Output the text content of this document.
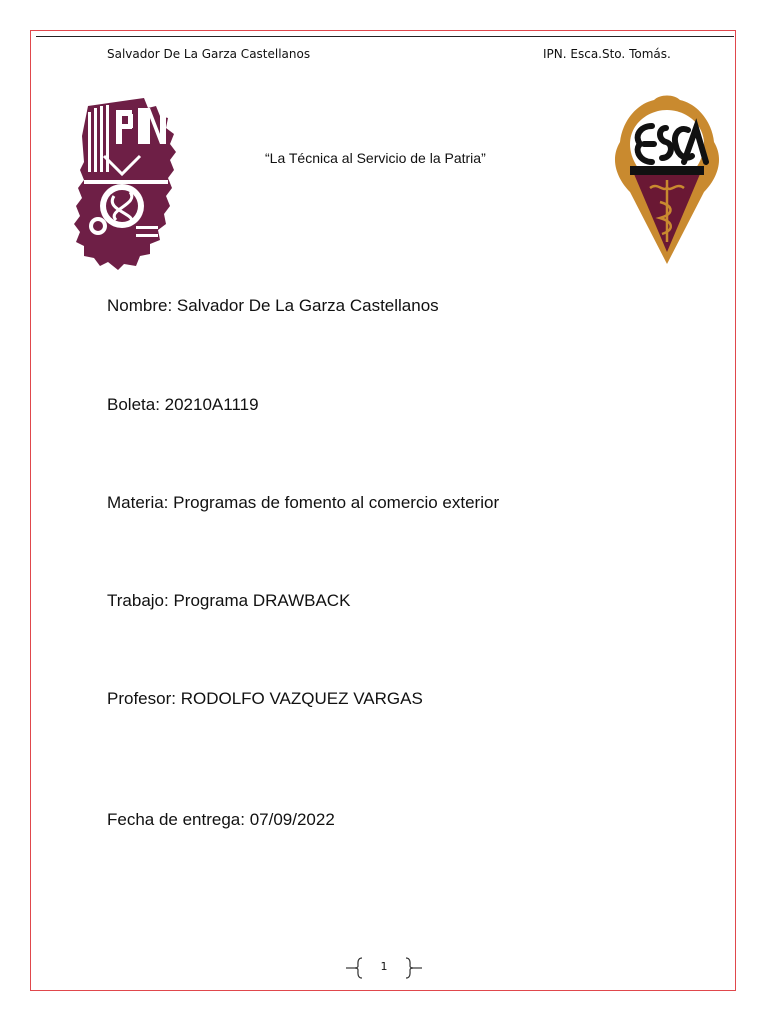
Salvador De La Garza Castellanos	IPN. Esca.Sto. Tomás.
“La Técnica al Servicio de la Patria”
Nombre: Salvador De La Garza Castellanos
Boleta: 20210A1119
Materia: Programas de fomento al comercio exterior
Trabajo: Programa DRAWBACK
Profesor: RODOLFO VAZQUEZ VARGAS
Fecha de entrega: 07/09/2022
1
